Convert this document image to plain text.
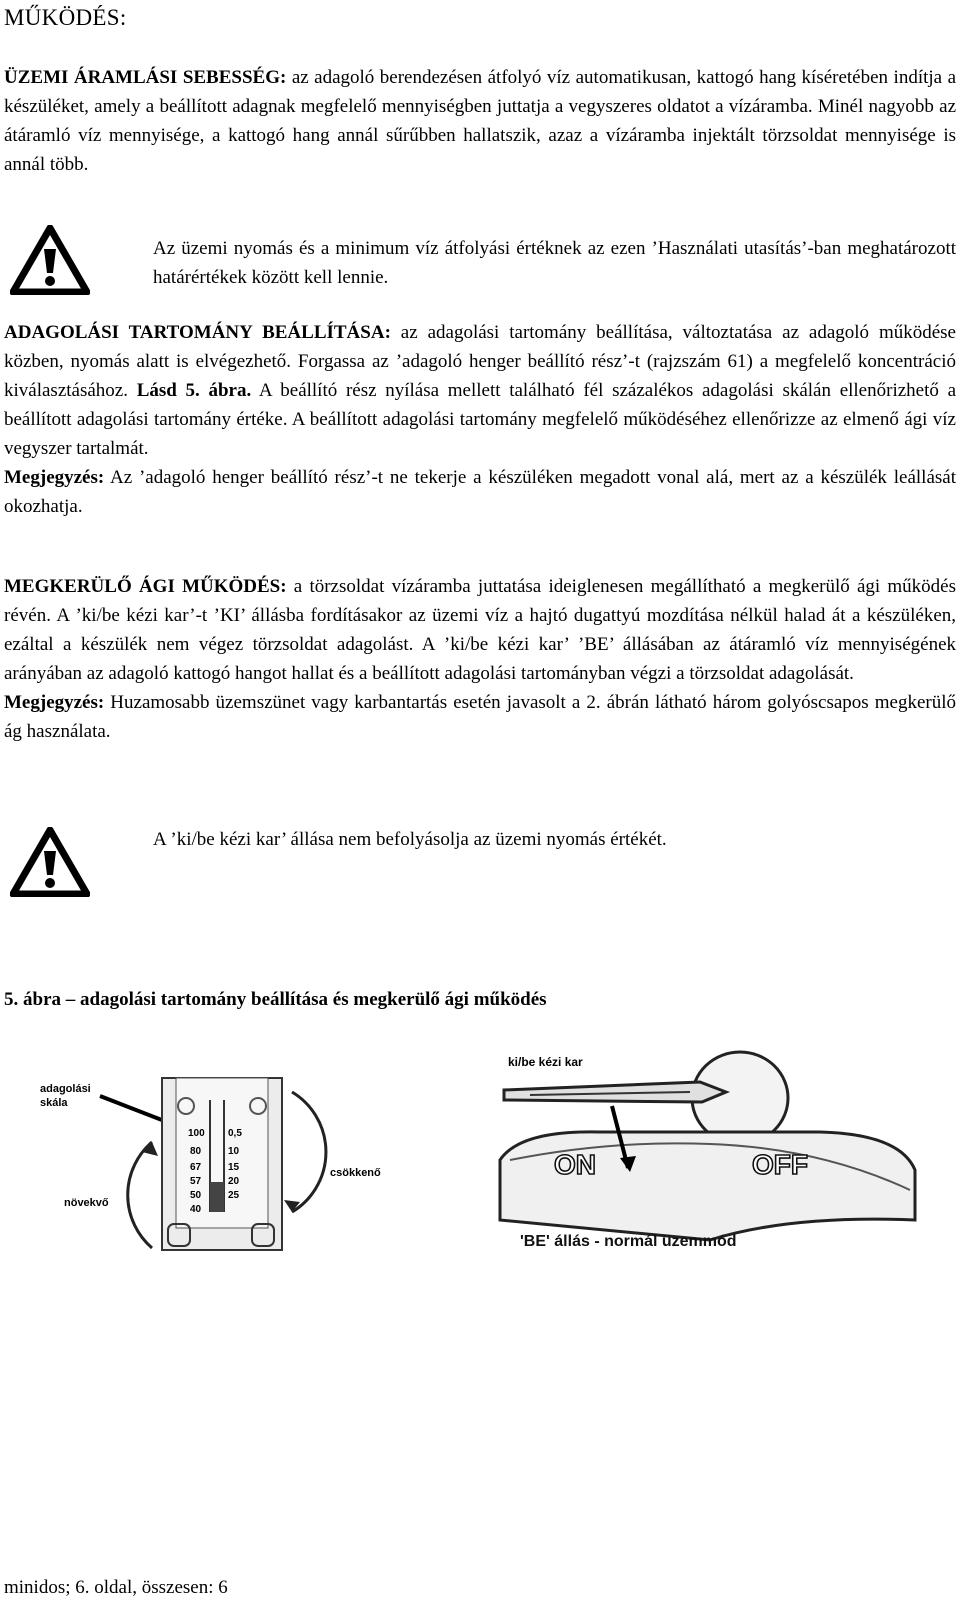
MŰKÖDÉS:
ÜZEMI ÁRAMLÁSI SEBESSÉG: az adagoló berendezésen átfolyó víz automatikusan, kattogó hang kíséretében indítja a készüléket, amely a beállított adagnak megfelelő mennyiségben juttatja a vegyszeres oldatot a vízáramba. Minél nagyobb az átáramló víz mennyisége, a kattogó hang annál sűrűbben hallatszik, azaz a vízáramba injektált törzsoldat mennyisége is annál több.
Az üzemi nyomás és a minimum víz átfolyási értéknek az ezen ’Használati utasítás’-ban meghatározott határértékek között kell lennie.
ADAGOLÁSI TARTOMÁNY BEÁLLÍTÁSA: az adagolási tartomány beállítása, változtatása az adagoló működése közben, nyomás alatt is elvégezhető. Forgassa az ’adagoló henger beállító rész’-t (rajzszám 61) a megfelelő koncentráció kiválasztásához. Lásd 5. ábra. A beállító rész nyílása mellett található fél százalékos adagolási skálán ellenőrizhető a beállított adagolási tartomány értéke. A beállított adagolási tartomány megfelelő működéséhez ellenőrizze az elmenő ági víz vegyszer tartalmát.
Megjegyzés: Az ’adagoló henger beállító rész’-t ne tekerje a készüléken megadott vonal alá, mert az a készülék leállását okozhatja.
MEGKERÜLŐ ÁGI MŰKÖDÉS: a törzsoldat vízáramba juttatása ideiglenesen megállítható a megkerülő ági működés révén. A ’ki/be kézi kar’-t ’KI’ állásba fordításakor az üzemi víz a hajtó dugattyú mozdítása nélkül halad át a készüléken, ezáltal a készülék nem végez törzsoldat adagolást. A ’ki/be kézi kar’ ’BE’ állásában az átáramló víz mennyiségének arányában az adagoló kattogó hangot hallat és a beállított adagolási tartományban végzi a törzsoldat adagolását.
Megjegyzés: Huzamosabb üzemszünet vagy karbantartás esetén javasolt a 2. ábrán látható három golyóscsapos megkerülő ág használata.
A ’ki/be kézi kar’ állása nem befolyásolja az üzemi nyomás értékét.
5. ábra – adagolási tartomány beállítása és megkerülő ági működés
adagolási
skála
100
80
67
57
50
40
0,5
10
15
20
25
csökkenő
növekvő
ki/be kézi kar
ON	OFF
'BE' állás - normál üzemmód
minidos; 6. oldal, összesen: 6
